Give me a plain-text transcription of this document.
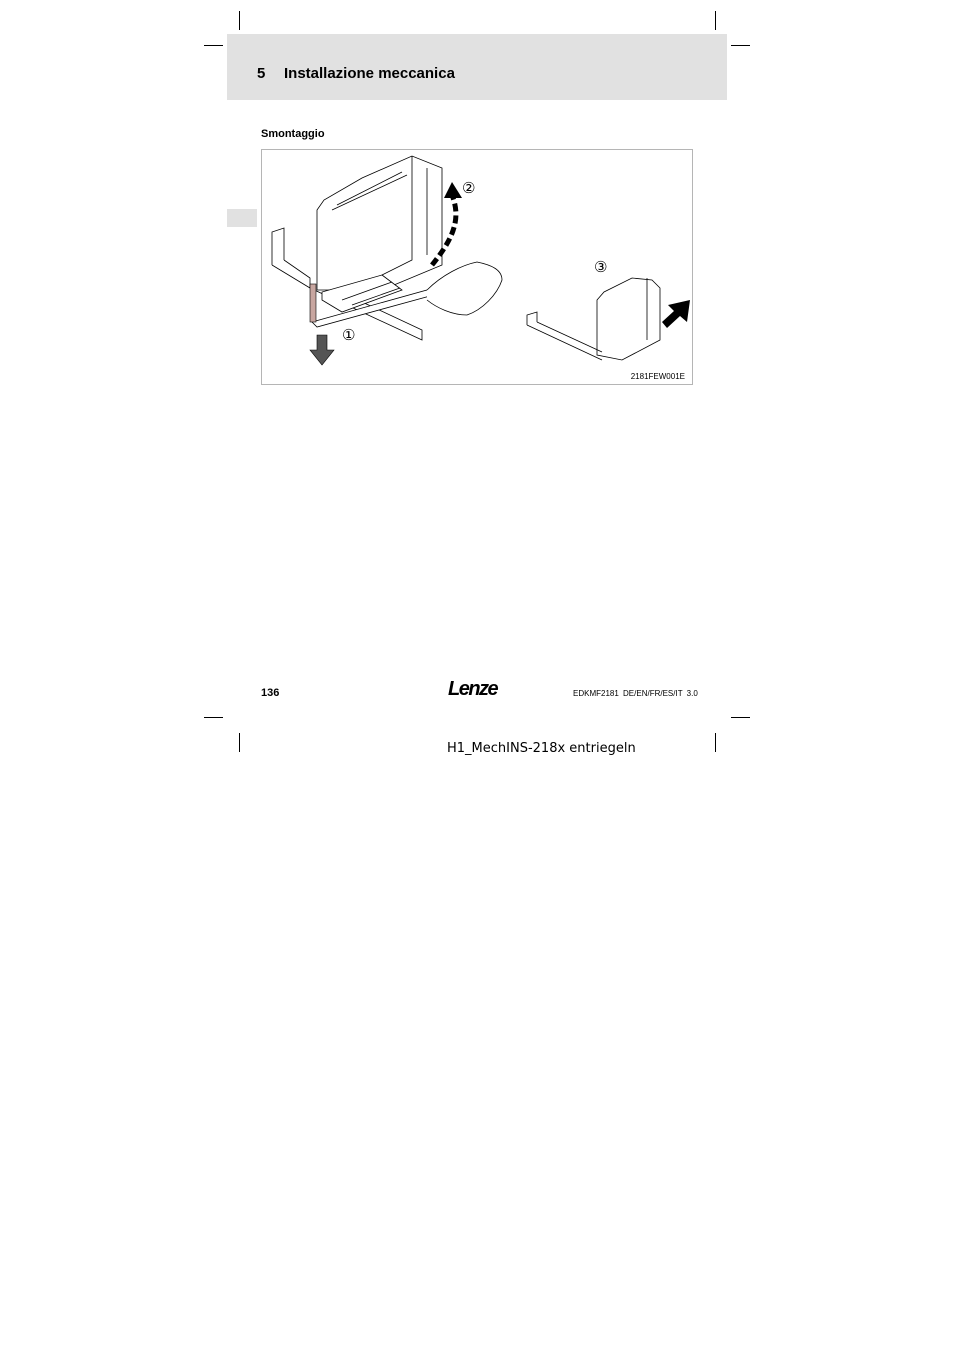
5 Installazione meccanica
Smontaggio
①
②
③
2181FEW001E
136	Lenze	EDKMF2181 DE/EN/FR/ES/IT 3.0
H1_MechINS-218x entriegeln
